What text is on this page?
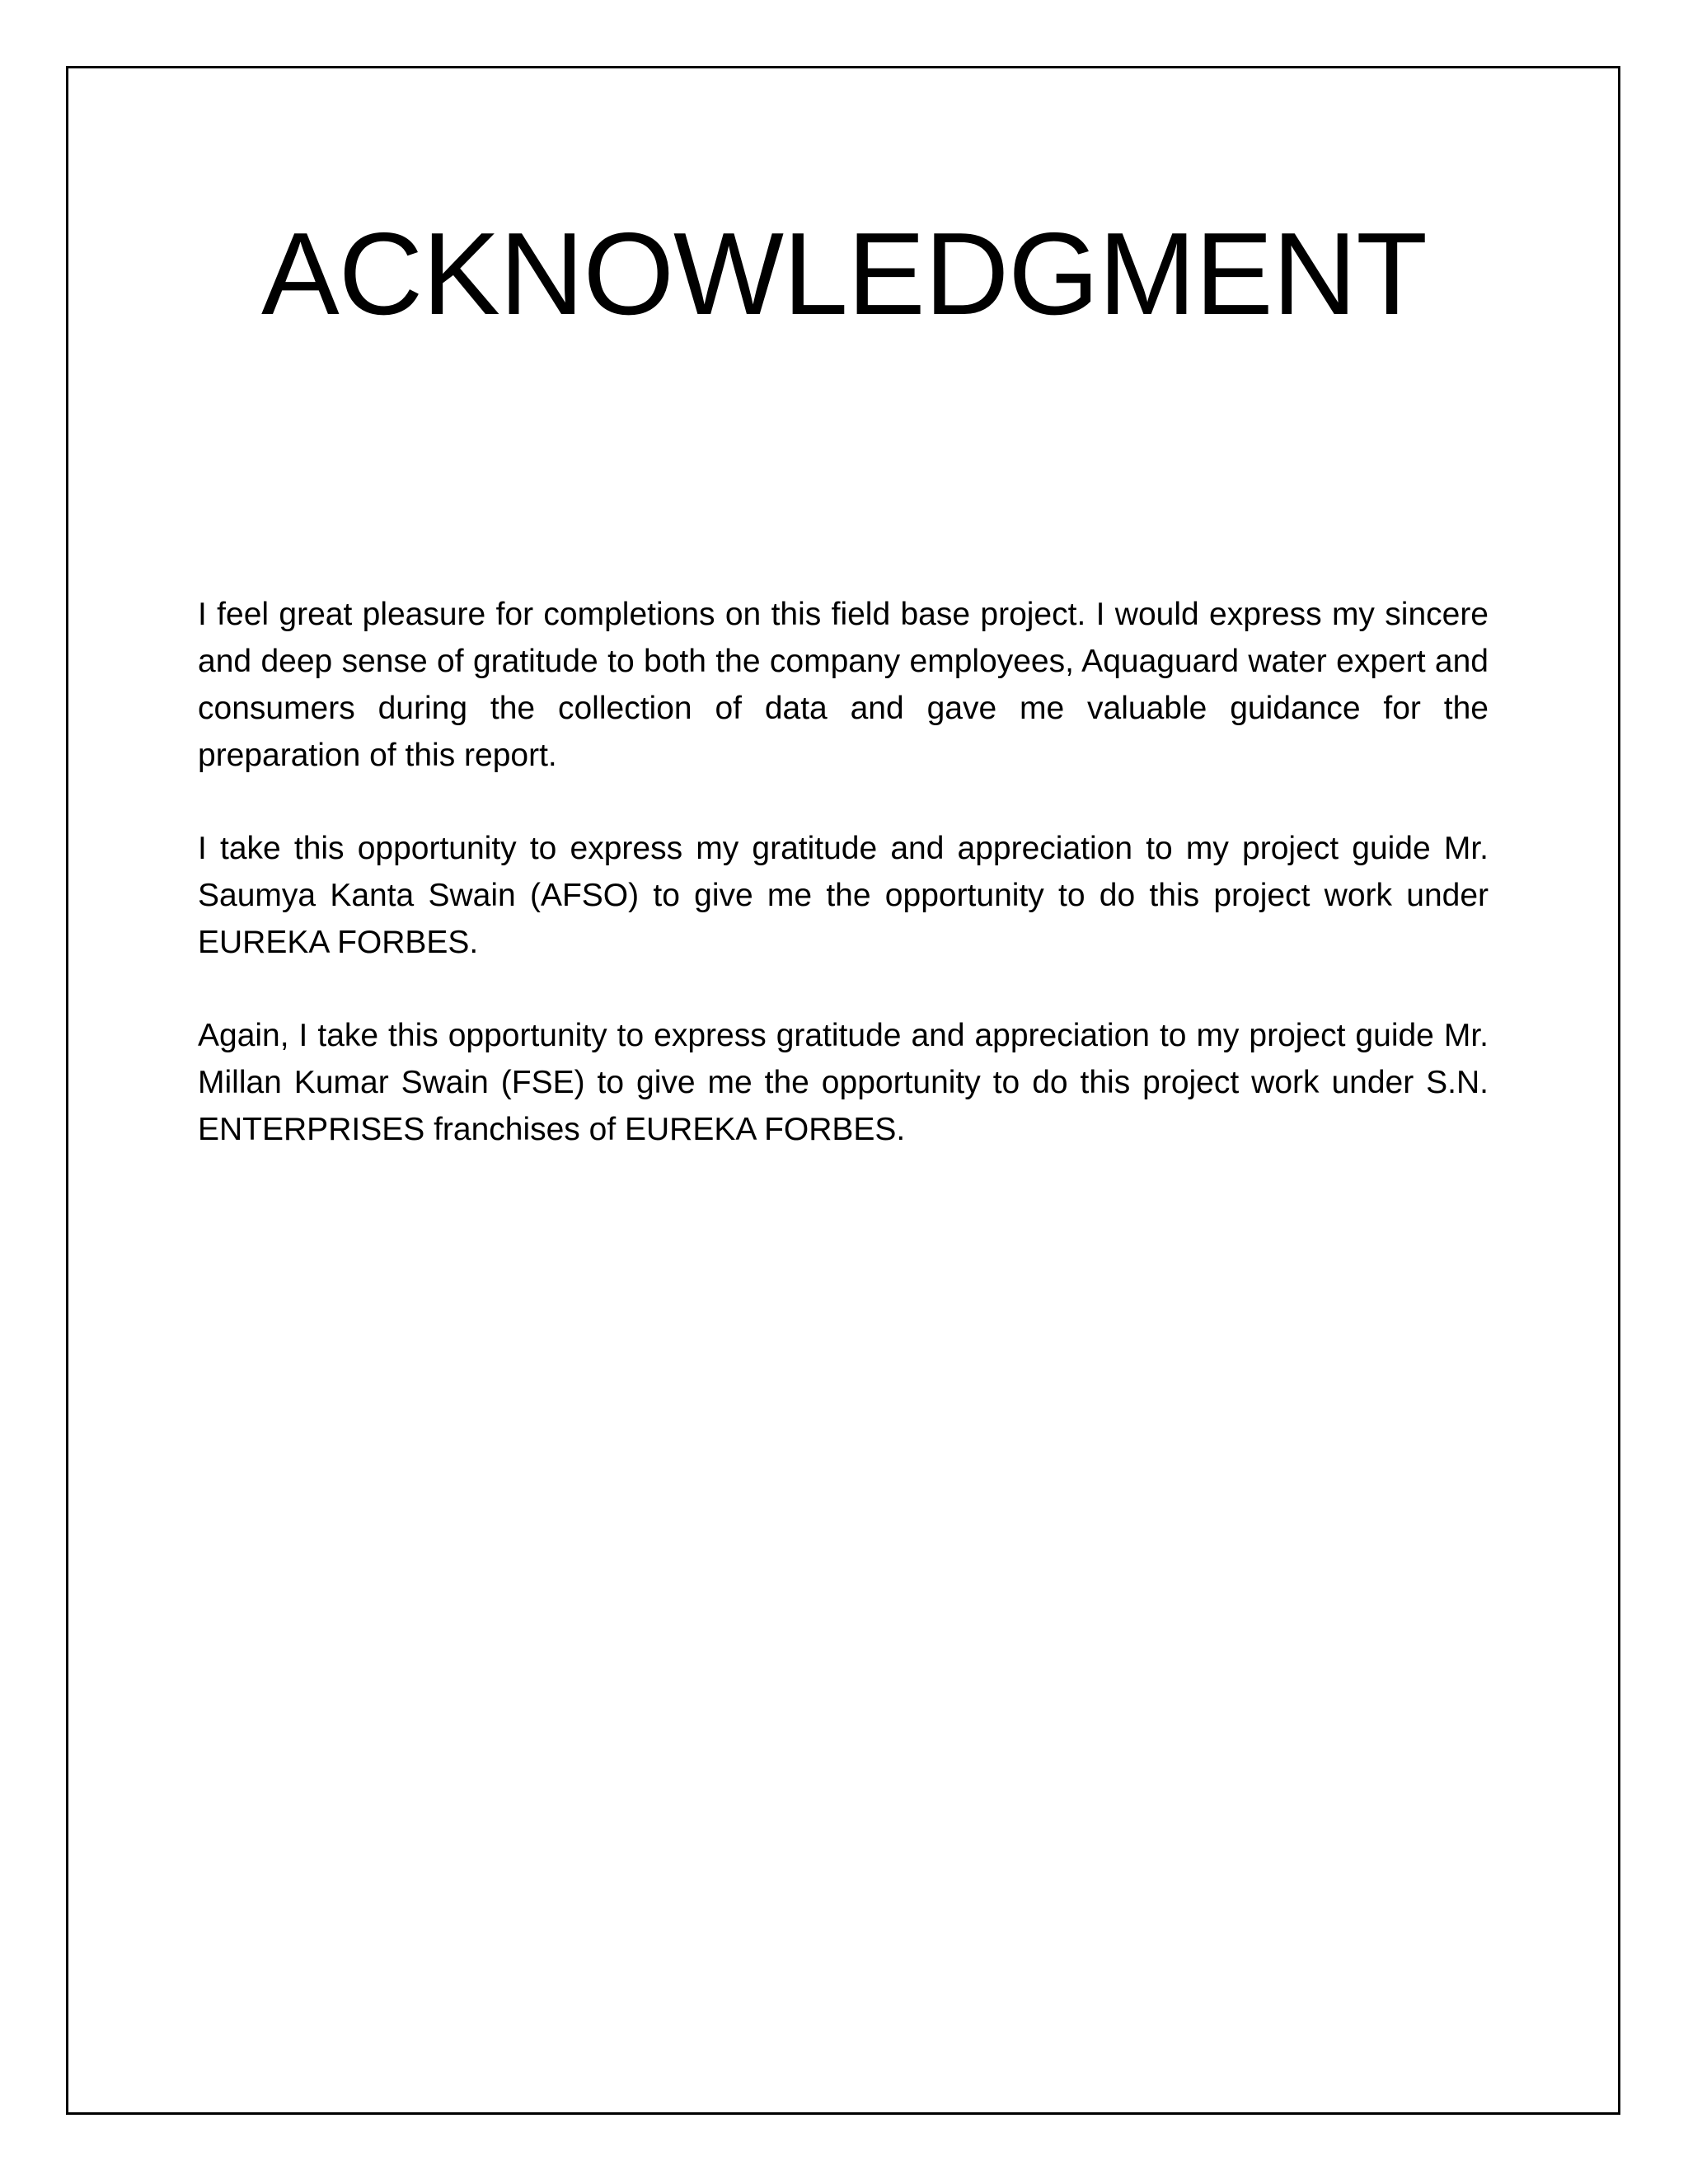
ACKNOWLEDGMENT

I feel great pleasure for completions on this field base project. I would express my sincere and deep sense of gratitude to both the company employees, Aquaguard water expert and consumers during the collection of data and gave me valuable guidance for the preparation of this report.

I take this opportunity to express my gratitude and appreciation to my project guide Mr. Saumya Kanta Swain (AFSO) to give me the opportunity to do this project work under EUREKA FORBES.

Again, I take this opportunity to express gratitude and appreciation to my project guide Mr. Millan Kumar Swain (FSE) to give me the opportunity to do this project work under S.N. ENTERPRISES franchises of EUREKA FORBES.
